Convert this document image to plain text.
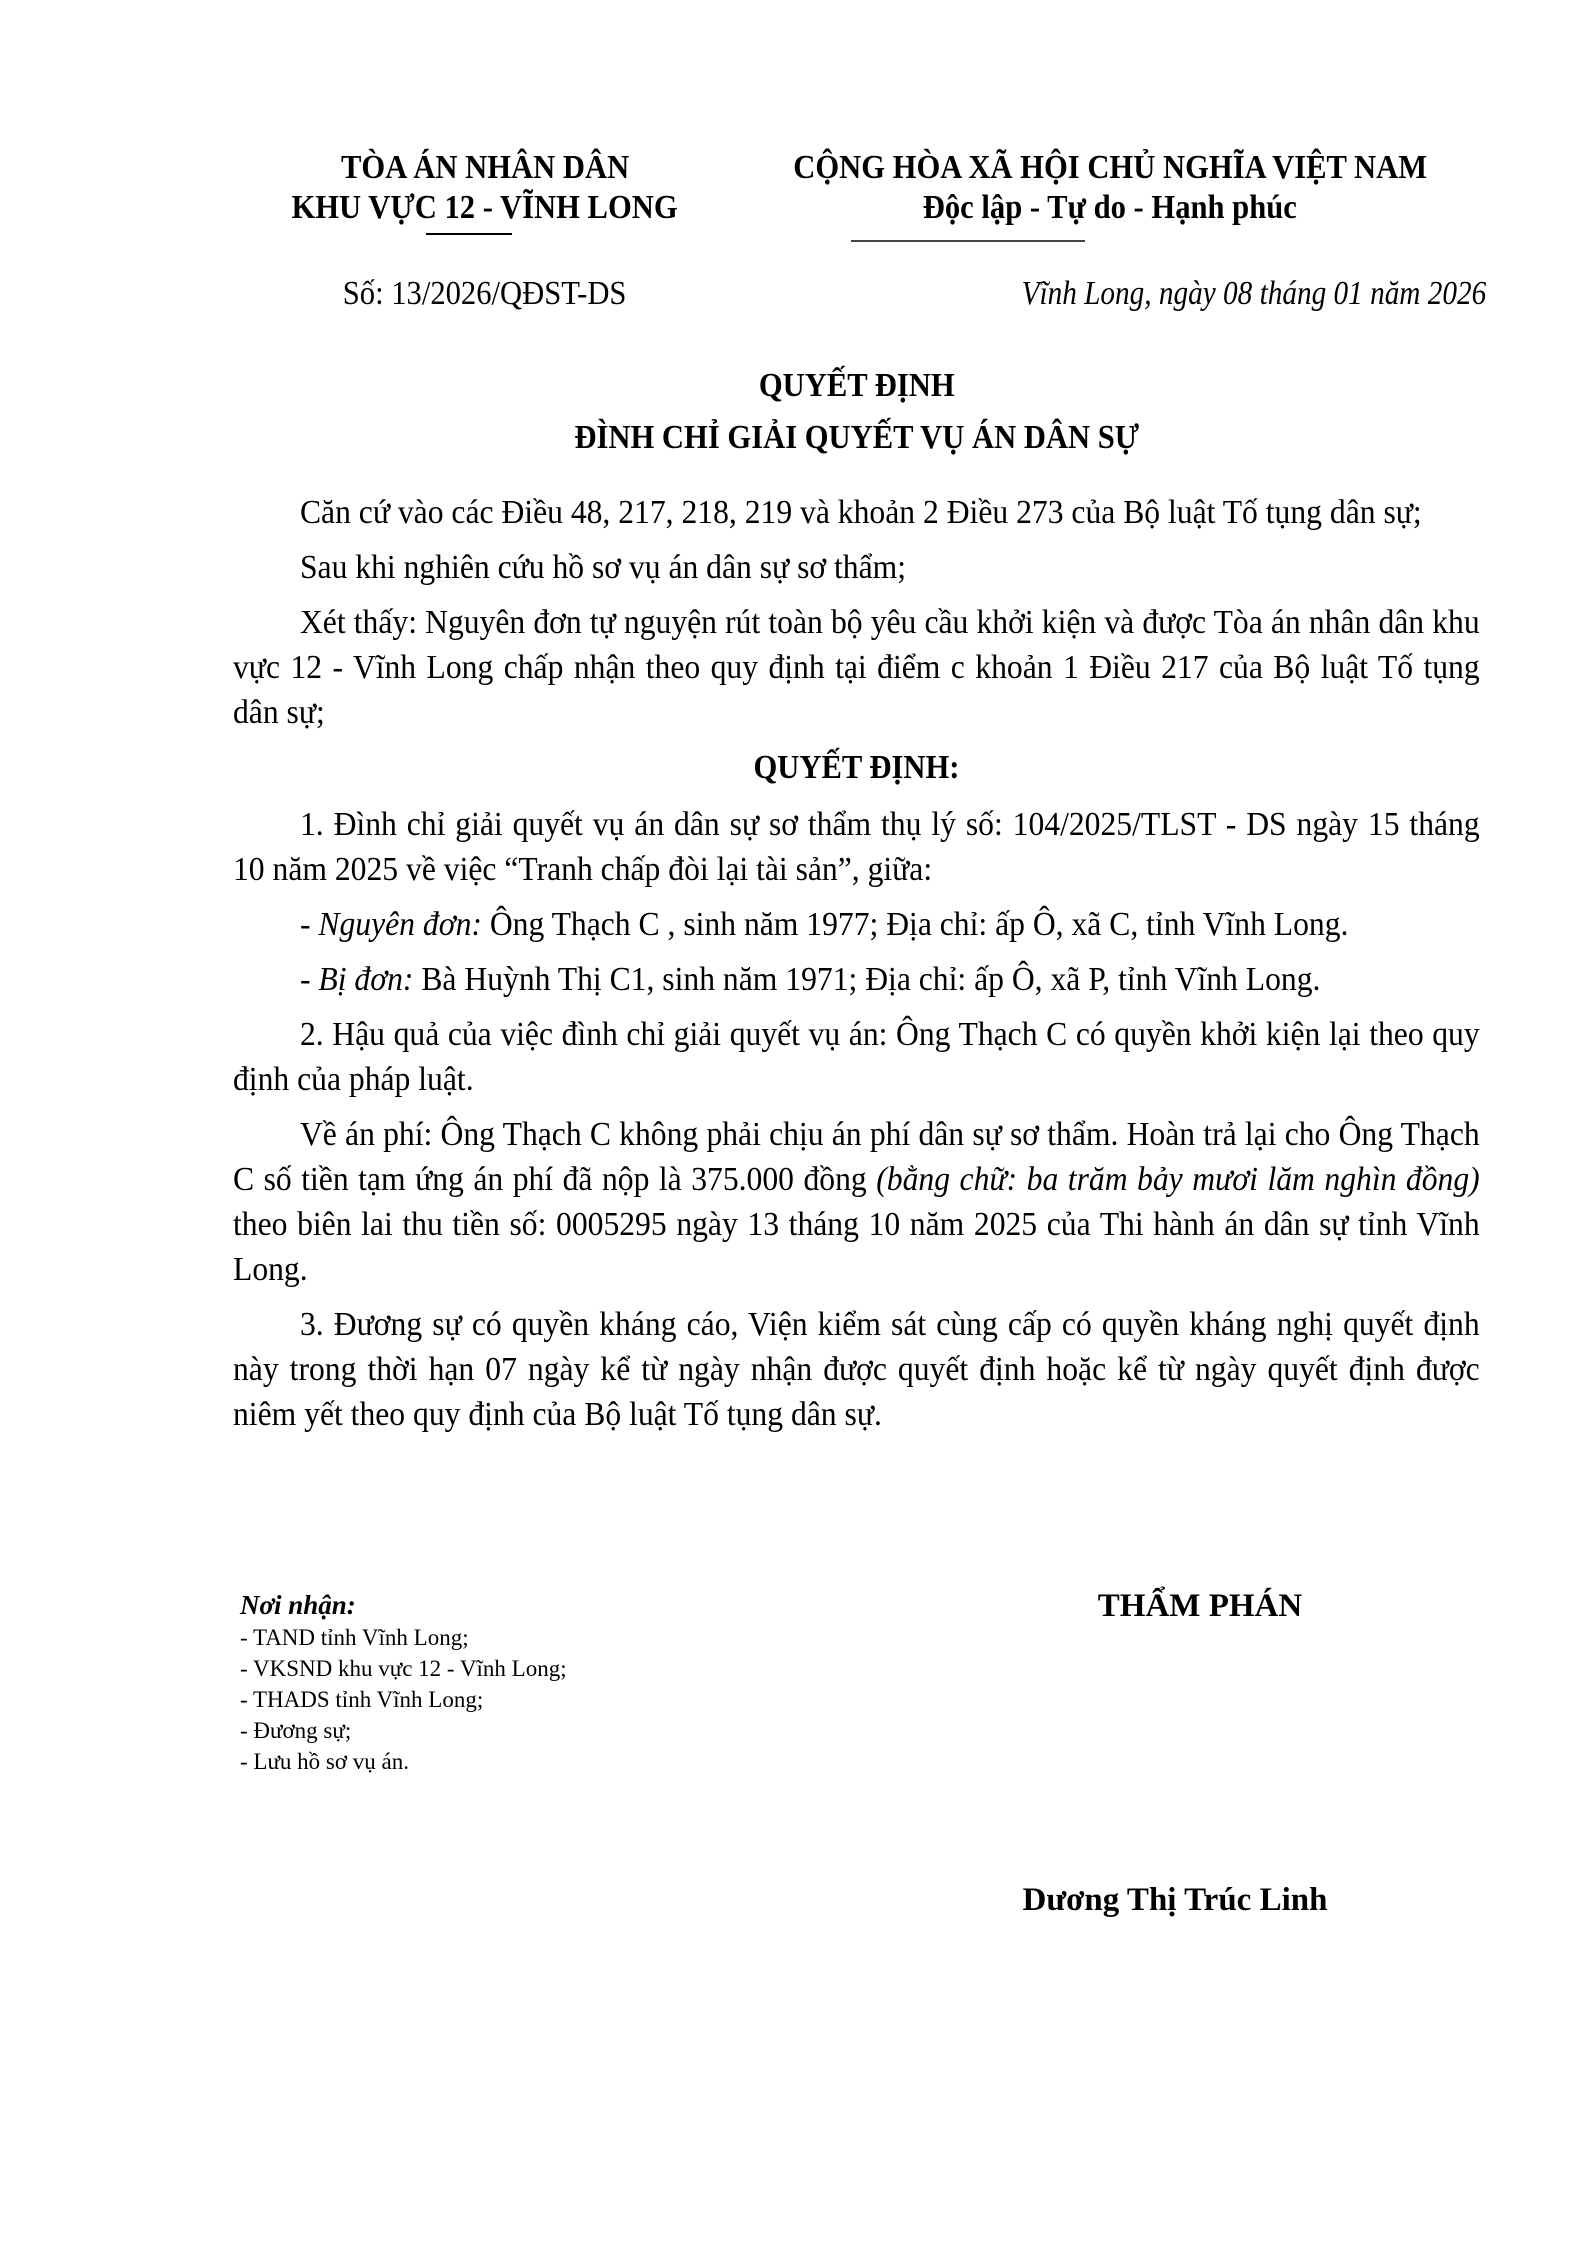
TÒA ÁN NHÂN DÂN
KHU VỰC 12 - VĨNH LONG
CỘNG HÒA XÃ HỘI CHỦ NGHĨA VIỆT NAM
Độc lập - Tự do - Hạnh phúc
Số: 13/2026/QĐST-DS	Vĩnh Long, ngày 08 tháng 01 năm 2026
QUYẾT ĐỊNH
ĐÌNH CHỈ GIẢI QUYẾT VỤ ÁN DÂN SỰ

Căn cứ vào các Điều 48, 217, 218, 219 và khoản 2 Điều 273 của Bộ luật Tố tụng dân sự;

Sau khi nghiên cứu hồ sơ vụ án dân sự sơ thẩm;

Xét thấy: Nguyên đơn tự nguyện rút toàn bộ yêu cầu khởi kiện và được Tòa án nhân dân khu vực 12 - Vĩnh Long chấp nhận theo quy định tại điểm c khoản 1 Điều 217 của Bộ luật Tố tụng dân sự;

QUYẾT ĐỊNH:

1. Đình chỉ giải quyết vụ án dân sự sơ thẩm thụ lý số: 104/2025/TLST - DS ngày 15 tháng 10 năm 2025 về việc “Tranh chấp đòi lại tài sản”, giữa:

- Nguyên đơn: Ông Thạch C , sinh năm 1977; Địa chỉ: ấp Ô, xã C, tỉnh Vĩnh Long.

- Bị đơn: Bà Huỳnh Thị C1, sinh năm 1971; Địa chỉ: ấp Ô, xã P, tỉnh Vĩnh Long.

2. Hậu quả của việc đình chỉ giải quyết vụ án: Ông Thạch C có quyền khởi kiện lại theo quy định của pháp luật.

Về án phí: Ông Thạch C không phải chịu án phí dân sự sơ thẩm. Hoàn trả lại cho Ông Thạch C số tiền tạm ứng án phí đã nộp là 375.000 đồng (bằng chữ: ba trăm bảy mươi lăm nghìn đồng) theo biên lai thu tiền số: 0005295 ngày 13 tháng 10 năm 2025 của Thi hành án dân sự tỉnh Vĩnh Long.

3. Đương sự có quyền kháng cáo, Viện kiểm sát cùng cấp có quyền kháng nghị quyết định này trong thời hạn 07 ngày kể từ ngày nhận được quyết định hoặc kể từ ngày quyết định được niêm yết theo quy định của Bộ luật Tố tụng dân sự.

Nơi nhận:
- TAND tỉnh Vĩnh Long;
- VKSND khu vực 12 - Vĩnh Long;
- THADS tỉnh Vĩnh Long;
- Đương sự;
- Lưu hồ sơ vụ án.
THẨM PHÁN
Dương Thị Trúc Linh
